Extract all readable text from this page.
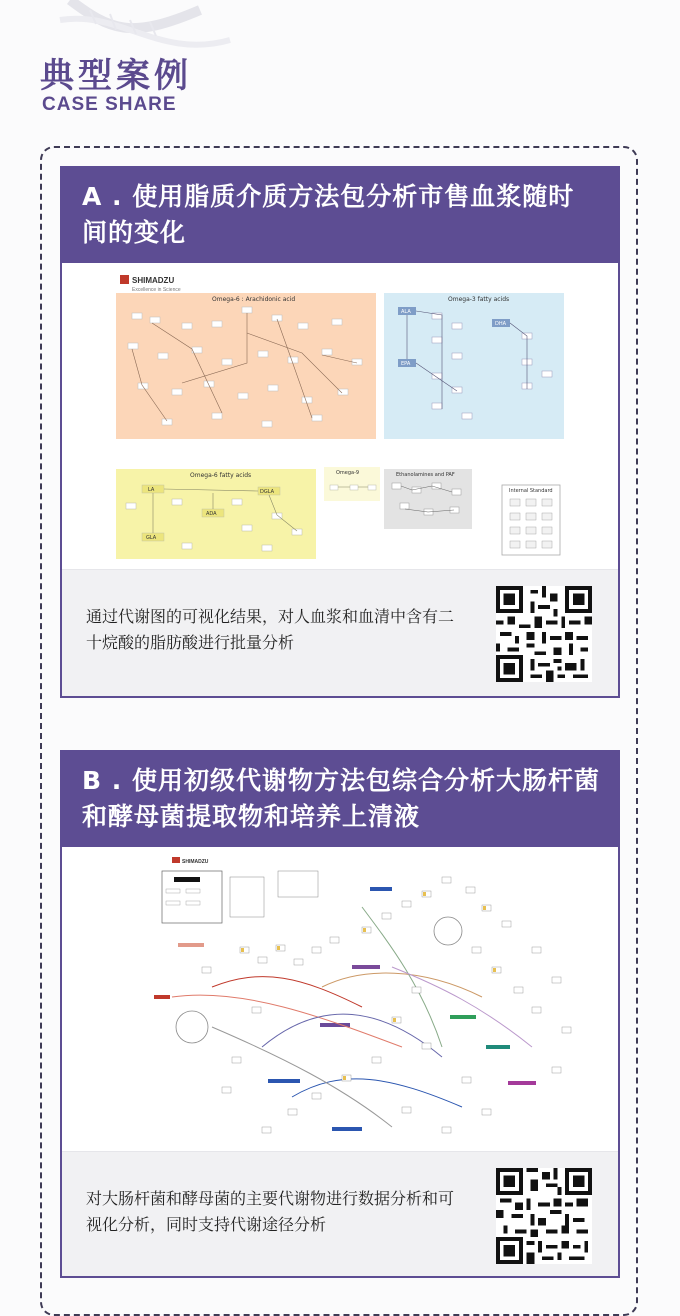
典型案例
CASE SHARE
A . 使用脂质介质方法包分析市售血浆随时间的变化
SHIMADZU
Excellence in Science
Omega-6 : Arachidonic acid	Omega-3 fatty acids
ALA
EPA
DHA
Omega-6 fatty acids
LA	DGLA
ADA
GLA
Omega-9	Ethanolamines and PAF
Internal Standard
通过代谢图的可视化结果，对人血浆和血清中含有二十烷酸的脂肪酸进行批量分析
B . 使用初级代谢物方法包综合分析大肠杆菌和酵母菌提取物和培养上清液
SHIMADZU
对大肠杆菌和酵母菌的主要代谢物进行数据分析和可视化分析，同时支持代谢途径分析
